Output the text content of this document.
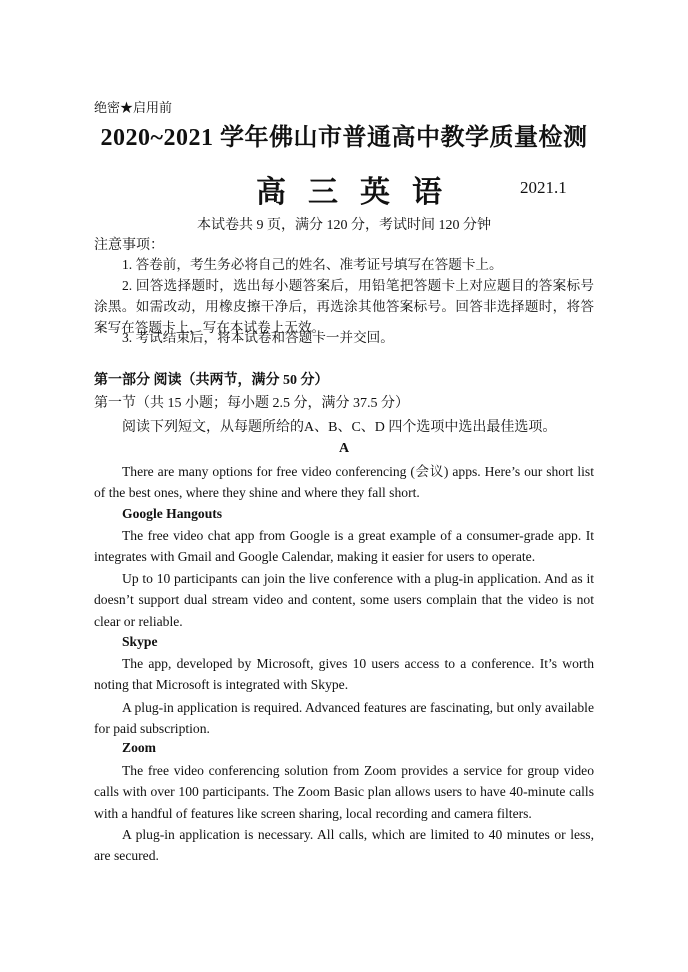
绝密★启用前
2020~2021 学年佛山市普通高中教学质量检测
高三英语	2021.1
本试卷共 9 页，满分 120 分，考试时间 120 分钟
注意事项：
1. 答卷前，考生务必将自己的姓名、准考证号填写在答题卡上。
2. 回答选择题时，选出每小题答案后，用铅笔把答题卡上对应题目的答案标号涂黑。如需改动，用橡皮擦干净后，再选涂其他答案标号。回答非选择题时，将答案写在答题卡上，写在本试卷上无效。
3. 考试结束后，将本试卷和答题卡一并交回。
第一部分 阅读（共两节，满分 50 分）
第一节（共 15 小题；每小题 2.5 分，满分 37.5 分）
阅读下列短文，从每题所给的A、B、C、D 四个选项中选出最佳选项。
A
There are many options for free video conferencing (会议) apps. Here’s our short list of the best ones, where they shine and where they fall short.
Google Hangouts
The free video chat app from Google is a great example of a consumer-grade app. It integrates with Gmail and Google Calendar, making it easier for users to operate.
Up to 10 participants can join the live conference with a plug-in application. And as it doesn’t support dual stream video and content, some users complain that the video is not clear or reliable.
Skype
The app, developed by Microsoft, gives 10 users access to a conference. It’s worth noting that Microsoft is integrated with Skype.
A plug-in application is required. Advanced features are fascinating, but only available for paid subscription.
Zoom
The free video conferencing solution from Zoom provides a service for group video calls with over 100 participants. The Zoom Basic plan allows users to have 40-minute calls with a handful of features like screen sharing, local recording and camera filters.
A plug-in application is necessary. All calls, which are limited to 40 minutes or less, are secured.
